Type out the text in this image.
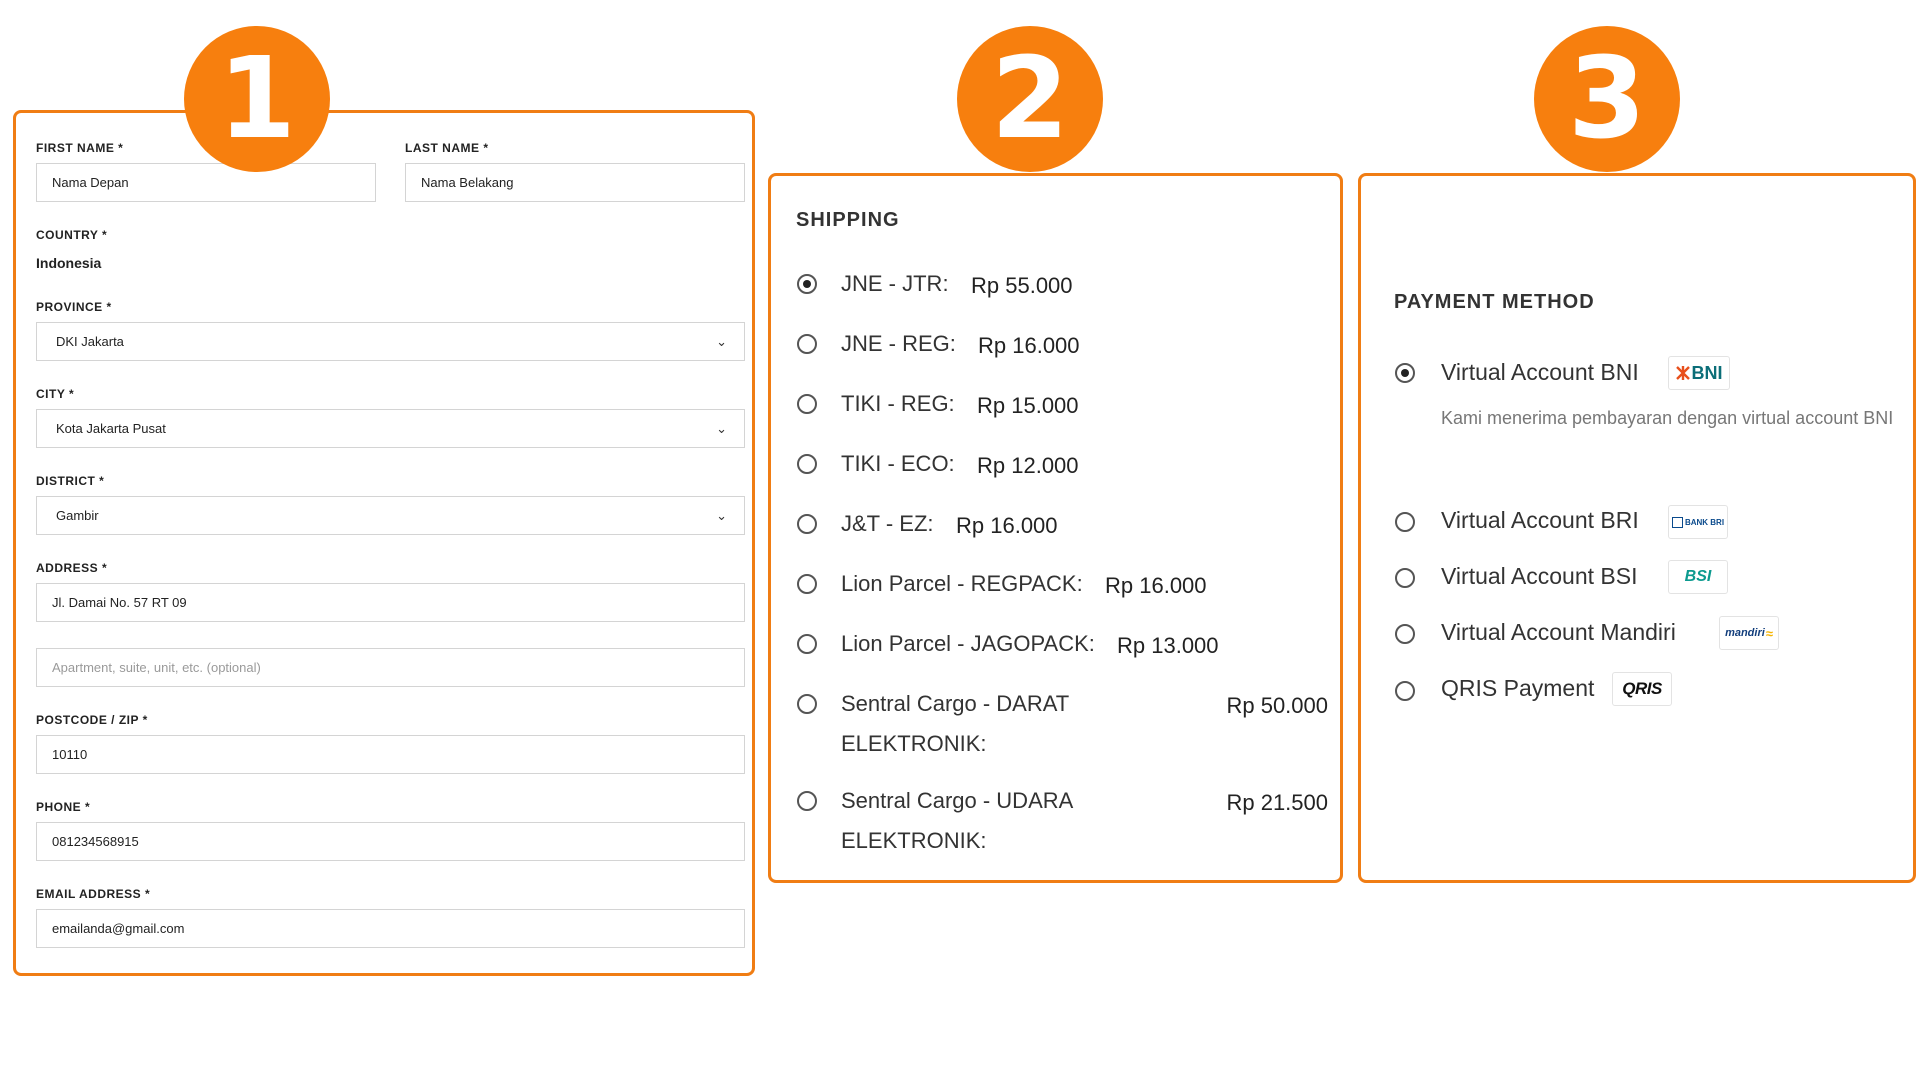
FIRST NAME *
Nama Depan
LAST NAME *
Nama Belakang
COUNTRY *
Indonesia
PROVINCE *
DKI Jakarta	⌄
CITY *
Kota Jakarta Pusat	⌄
DISTRICT *
Gambir	⌄
ADDRESS *
Jl. Damai No. 57 RT 09
Apartment, suite, unit, etc. (optional)
POSTCODE / ZIP *
10110
PHONE *
081234568915
EMAIL ADDRESS *
emailanda@gmail.com
SHIPPING
JNE - JTR: Rp 55.000
JNE - REG: Rp 16.000
TIKI - REG: Rp 15.000
TIKI - ECO: Rp 12.000
J&T - EZ: Rp 16.000
Lion Parcel - REGPACK: Rp 16.000
Lion Parcel - JAGOPACK: Rp 13.000
Sentral Cargo - DARAT
ELEKTRONIK:
Rp 50.000
Sentral Cargo - UDARA
ELEKTRONIK:
Rp 21.500
PAYMENT METHOD
Virtual Account BNI	BNI
Kami menerima pembayaran dengan virtual account BNI
Virtual Account BRI	BANK BRI
Virtual Account BSI	BSI
Virtual Account Mandiri	mandiri ≈
QRIS Payment QRIS
1	2	3
